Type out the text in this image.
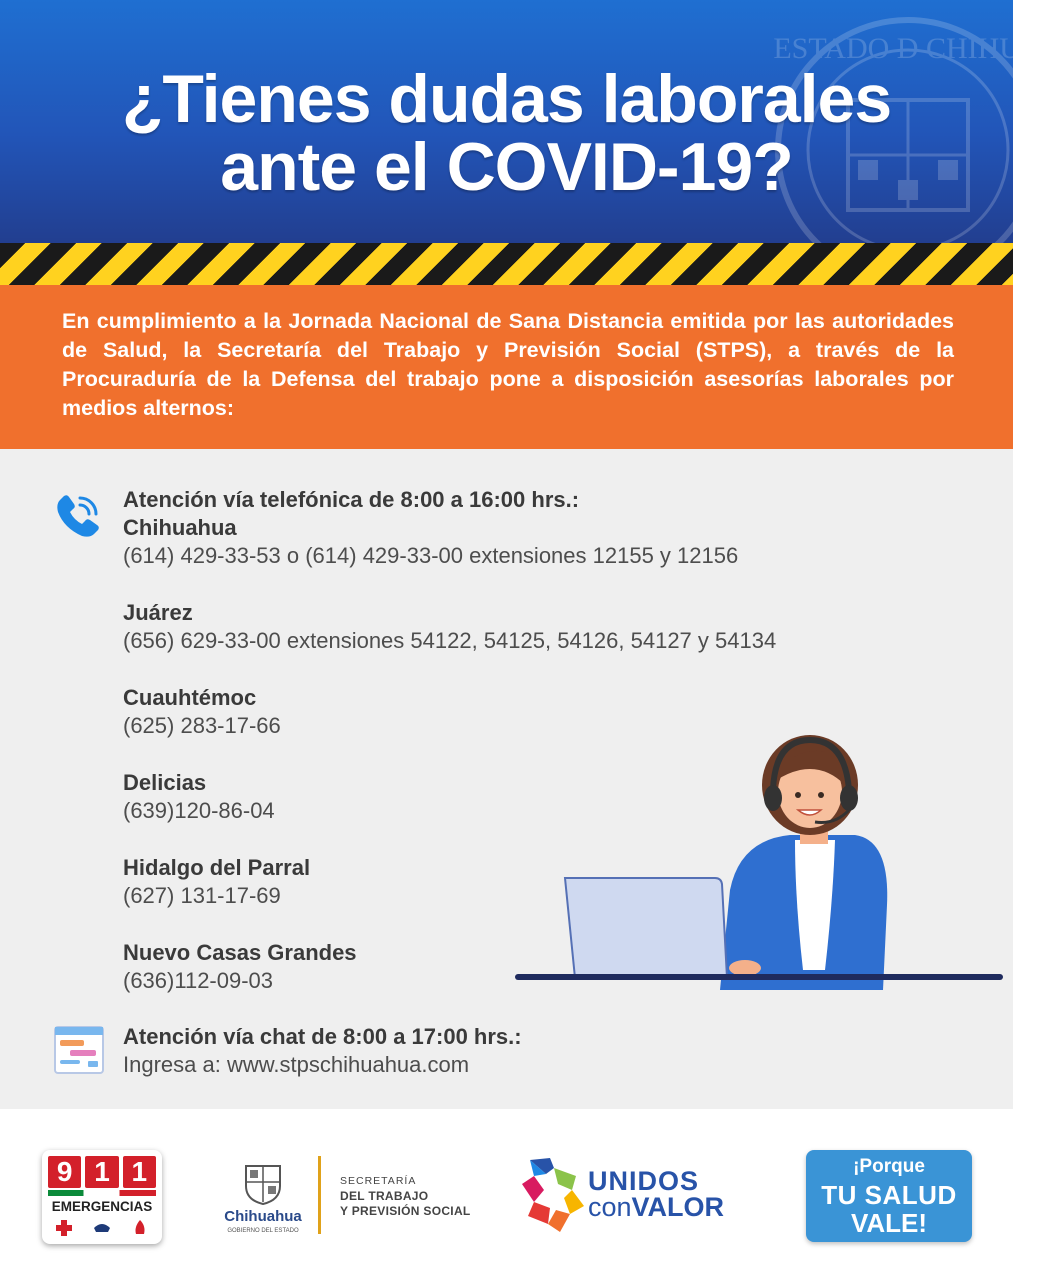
ESTADO D CHIHUA
¿Tienes dudas laborales
ante el COVID-19?

En cumplimiento a la Jornada Nacional de Sana Distancia emitida por las autoridades de Salud, la Secretaría del Trabajo y Previsión Social (STPS), a través de la Procuraduría de la Defensa del trabajo pone a disposición asesorías laborales por medios alternos:

Atención vía telefónica de 8:00 a 16:00 hrs.:
Chihuahua
(614) 429-33-53 o (614) 429-33-00 extensiones 12155 y 12156
Juárez
(656) 629-33-00 extensiones 54122, 54125, 54126, 54127 y 54134
Cuauhtémoc
(625) 283-17-66
Delicias
(639)120-86-04
Hidalgo del Parral
(627) 131-17-69
Nuevo Casas Grandes
(636)112-09-03
Atención vía chat de 8:00 a 17:00 hrs.:
Ingresa a: www.stpschihuahua.com
9 1 1
EMERGENCIAS
Chihuahua
GOBIERNO DEL ESTADO
SECRETARÍA
DEL TRABAJO
Y PREVISIÓN SOCIAL
UNIDOS
conVALOR
¡Porque
TU SALUD
VALE!
